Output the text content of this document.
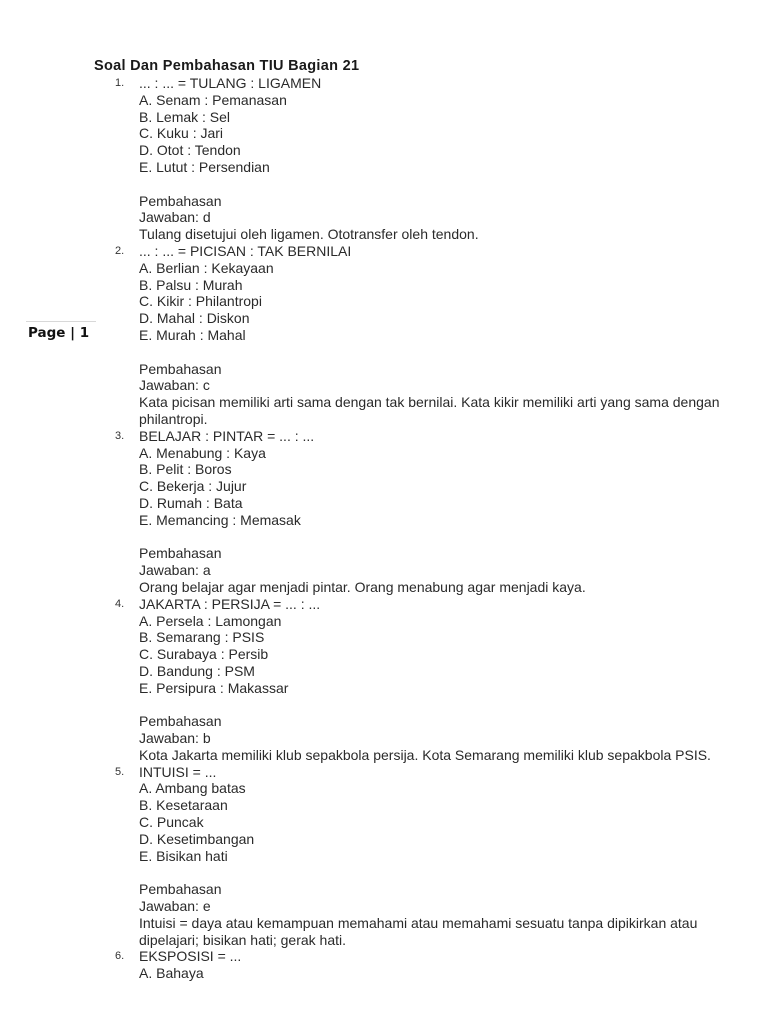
Soal Dan Pembahasan TIU Bagian 21
Page | 1
1. ... : ... = TULANG : LIGAMEN
A. Senam : Pemanasan
B. Lemak : Sel
C. Kuku : Jari
D. Otot : Tendon
E. Lutut : Persendian
Pembahasan
Jawaban: d
Tulang disetujui oleh ligamen. Ototransfer oleh tendon.
2. ... : ... = PICISAN : TAK BERNILAI
A. Berlian : Kekayaan
B. Palsu : Murah
C. Kikir : Philantropi
D. Mahal : Diskon
E. Murah : Mahal
Pembahasan
Jawaban: c
Kata picisan memiliki arti sama dengan tak bernilai. Kata kikir memiliki arti yang sama dengan philantropi.
3. BELAJAR : PINTAR = ... : ...
A. Menabung : Kaya
B. Pelit : Boros
C. Bekerja : Jujur
D. Rumah : Bata
E. Memancing : Memasak
Pembahasan
Jawaban: a
Orang belajar agar menjadi pintar. Orang menabung agar menjadi kaya.
4. JAKARTA : PERSIJA = ... : ...
A. Persela : Lamongan
B. Semarang : PSIS
C. Surabaya : Persib
D. Bandung : PSM
E. Persipura : Makassar
Pembahasan
Jawaban: b
Kota Jakarta memiliki klub sepakbola persija. Kota Semarang memiliki klub sepakbola PSIS.
5. INTUISI = ...
A. Ambang batas
B. Kesetaraan
C. Puncak
D. Kesetimbangan
E. Bisikan hati
Pembahasan
Jawaban: e
Intuisi = daya atau kemampuan memahami atau memahami sesuatu tanpa dipikirkan atau dipelajari; bisikan hati; gerak hati.
6. EKSPOSISI = ...
A. Bahaya
